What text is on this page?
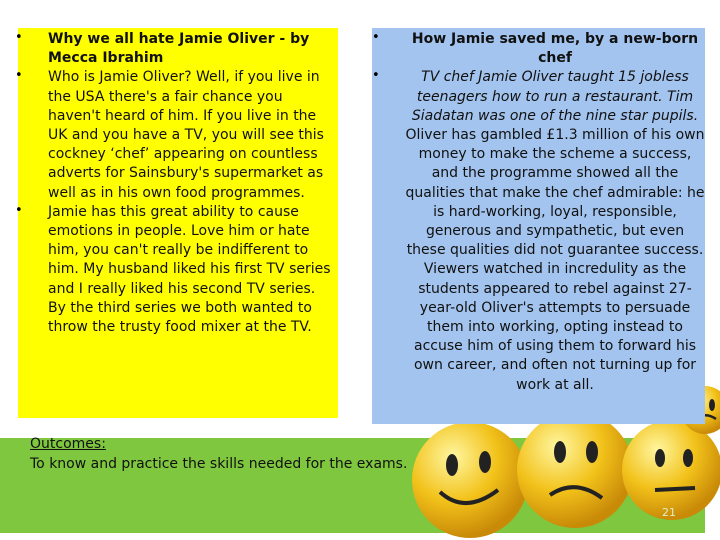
• Why we all hate Jamie Oliver - by Mecca Ibrahim
• Who is Jamie Oliver? Well, if you live in the USA there's a fair chance you haven't heard of him. If you live in the UK and you have a TV, you will see this cockney ‘chef’ appearing on countless adverts for Sainsbury's supermarket as well as in his own food programmes.
• Jamie has this great ability to cause emotions in people. Love him or hate him, you can't really be indifferent to him. My husband liked his first TV series and I really liked his second TV series. By the third series we both wanted to throw the trusty food mixer at the TV.
•	How Jamie saved me, by a new-born chef
•	TV chef Jamie Oliver taught 15 jobless teenagers how to run a restaurant. Tim Siadatan was one of the nine star pupils. Oliver has gambled £1.3 million of his own money to make the scheme a success, and the programme showed all the qualities that make the chef admirable: he is hard-working, loyal, responsible, generous and sympathetic, but even these qualities did not guarantee success. Viewers watched in incredulity as the students appeared to rebel against 27-year-old Oliver's attempts to persuade them into working, opting instead to accuse him of using them to forward his own career, and often not turning up for work at all.
Outcomes:
To know and practice the skills needed for the exams.
21
